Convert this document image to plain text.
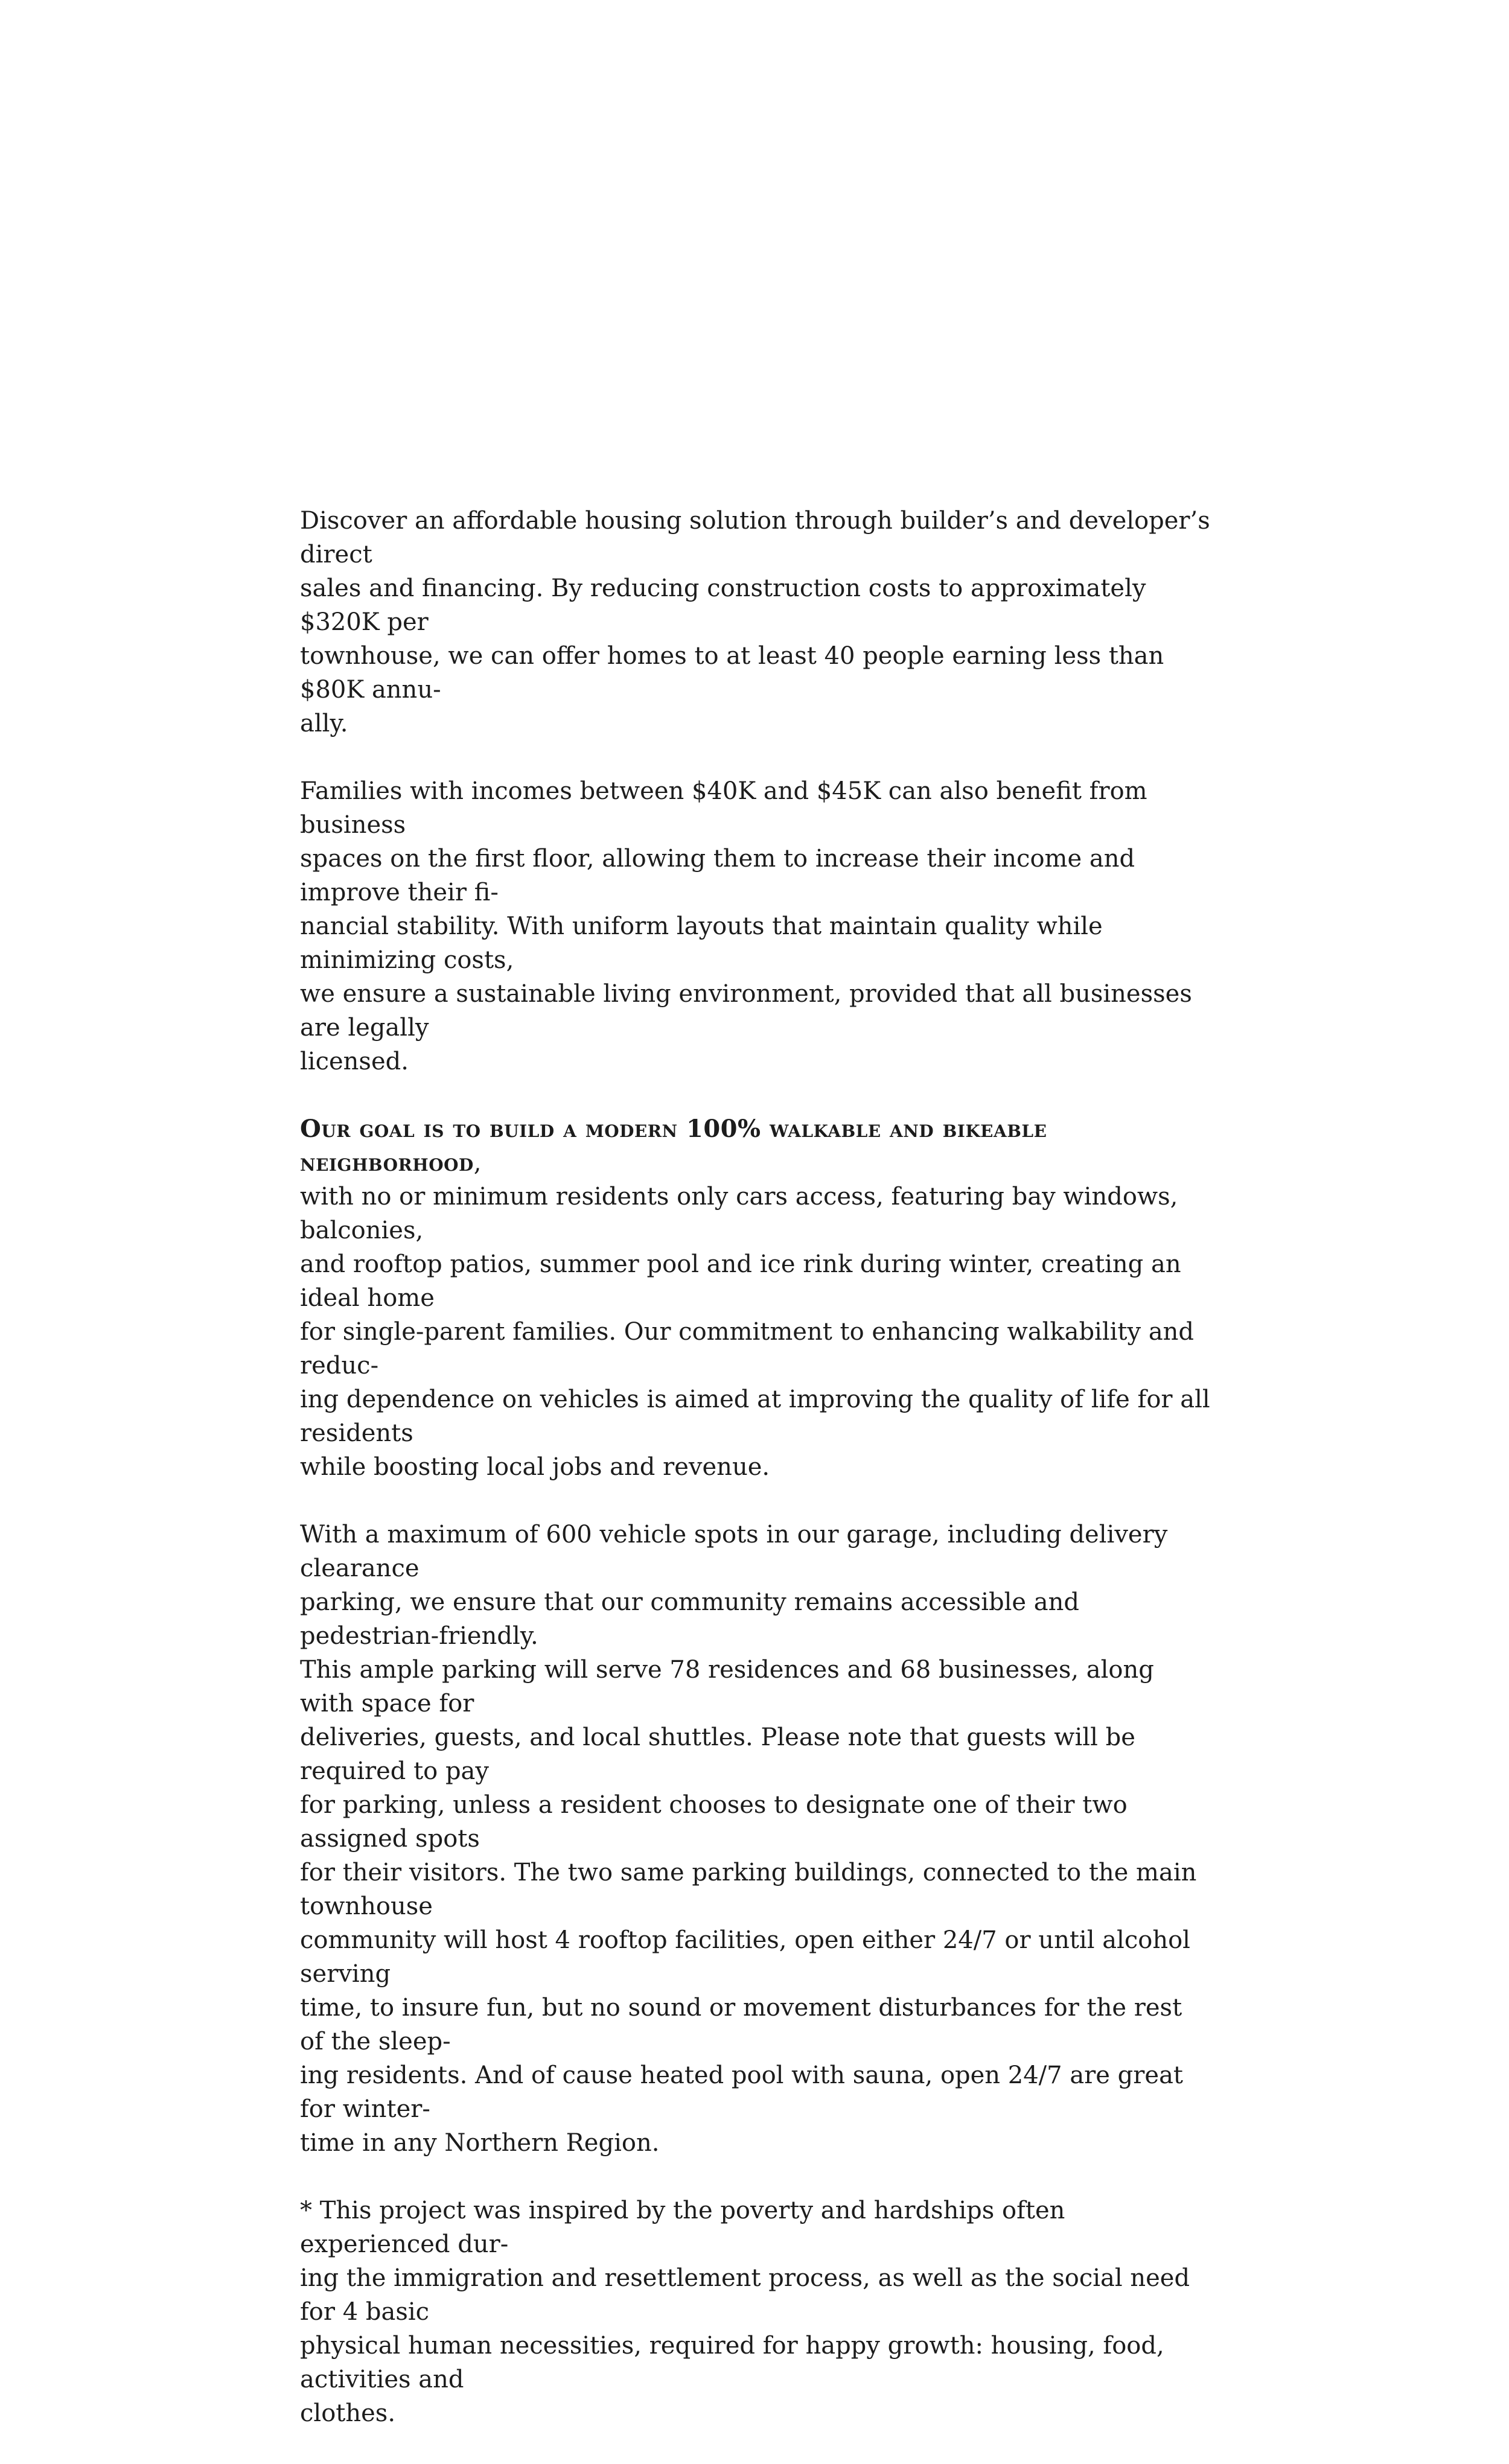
Discover an affordable housing solution through builder’s and developer’s direct
sales and financing. By reducing construction costs to approximately $320K per
townhouse, we can offer homes to at least 40 people earning less than $80K annu-
ally.

Families with incomes between $40K and $45K can also benefit from business
spaces on the first floor, allowing them to increase their income and improve their fi-
nancial stability. With uniform layouts that maintain quality while minimizing costs,
we ensure a sustainable living environment, provided that all businesses are legally
licensed.

Our goal is to build a modern 100% walkable and bikeable neighborhood,
with no or minimum residents only cars access, featuring bay windows, balconies,
and rooftop patios, summer pool and ice rink during winter, creating an ideal home
for single-parent families. Our commitment to enhancing walkability and reduc-
ing dependence on vehicles is aimed at improving the quality of life for all residents
while boosting local jobs and revenue.

With a maximum of 600 vehicle spots in our garage, including delivery clearance
parking, we ensure that our community remains accessible and pedestrian-friendly.
This ample parking will serve 78 residences and 68 businesses, along with space for
deliveries, guests, and local shuttles. Please note that guests will be required to pay
for parking, unless a resident chooses to designate one of their two assigned spots
for their visitors. The two same parking buildings, connected to the main townhouse
community will host 4 rooftop facilities, open either 24/7 or until alcohol serving
time, to insure fun, but no sound or movement disturbances for the rest of the sleep-
ing residents. And of cause heated pool with sauna, open 24/7 are great for winter-
time in any Northern Region.

* This project was inspired by the poverty and hardships often experienced dur-
ing the immigration and resettlement process, as well as the social need for 4 basic
physical human necessities, required for happy growth: housing, food, activities and
clothes.
